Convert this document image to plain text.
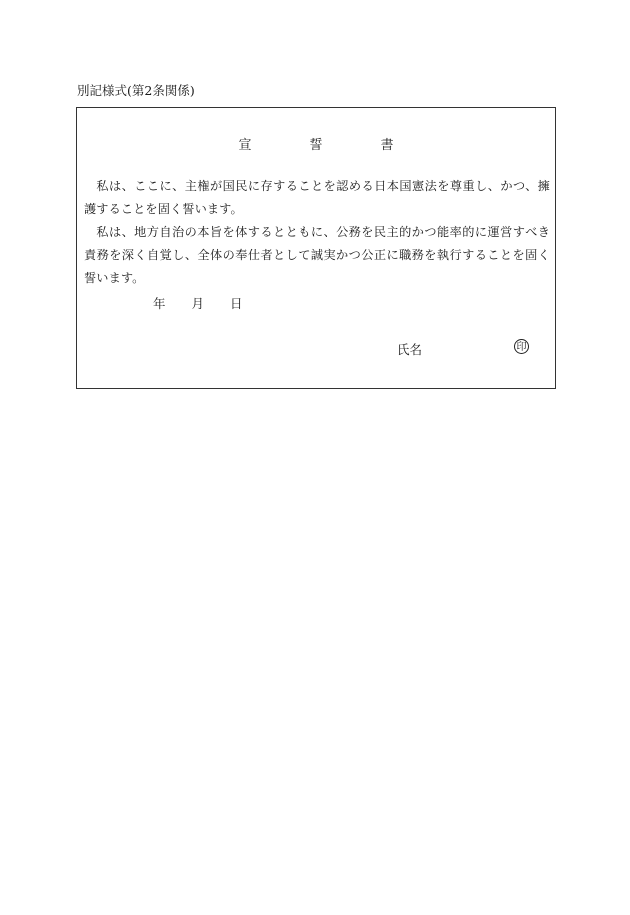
別記様式(第2条関係)
宣	誓	書
私は、ここに、主権が国民に存することを認める日本国憲法を尊重し、かつ、擁護することを固く誓います。
私は、地方自治の本旨を体するとともに、公務を民主的かつ能率的に運営すべき責務を深く自覚し、全体の奉仕者として誠実かつ公正に職務を執行することを固く誓います。
年 月 日
氏名	印
